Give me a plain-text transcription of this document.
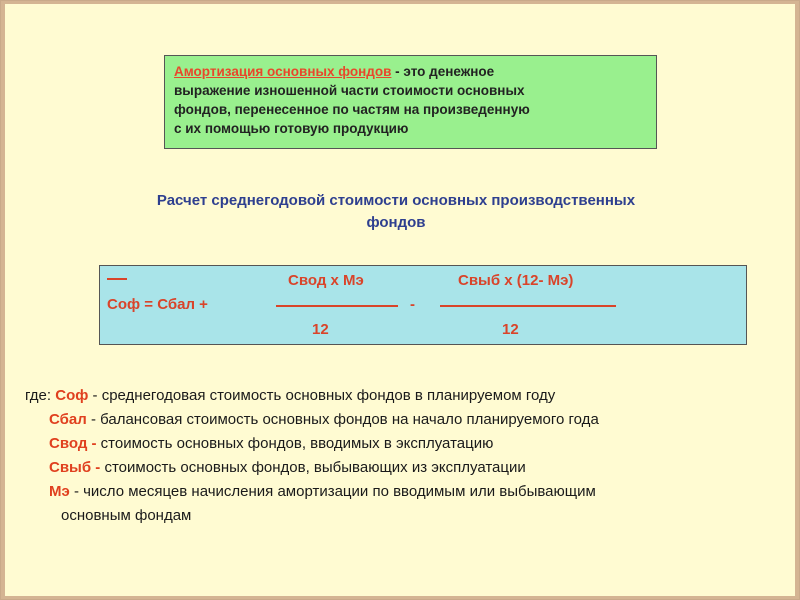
Амортизация основных фондов - это денежное
выражение изношенной части стоимости основных
фондов, перенесенное по частям на произведенную
с их помощью готовую продукцию
Расчет среднегодовой стоимости основных производственных
фондов
Свод х Мэ	Свыб х (12- Мэ)
Соф = Сбал +	-
12	12
где: Соф - среднегодовая стоимость основных фондов в планируемом году
Сбал - балансовая стоимость основных фондов на начало планируемого года
Свод - стоимость основных фондов, вводимых в эксплуатацию
Свыб - стоимость основных фондов, выбывающих из эксплуатации
Мэ - число месяцев начисления амортизации по вводимым или выбывающим
основным фондам
